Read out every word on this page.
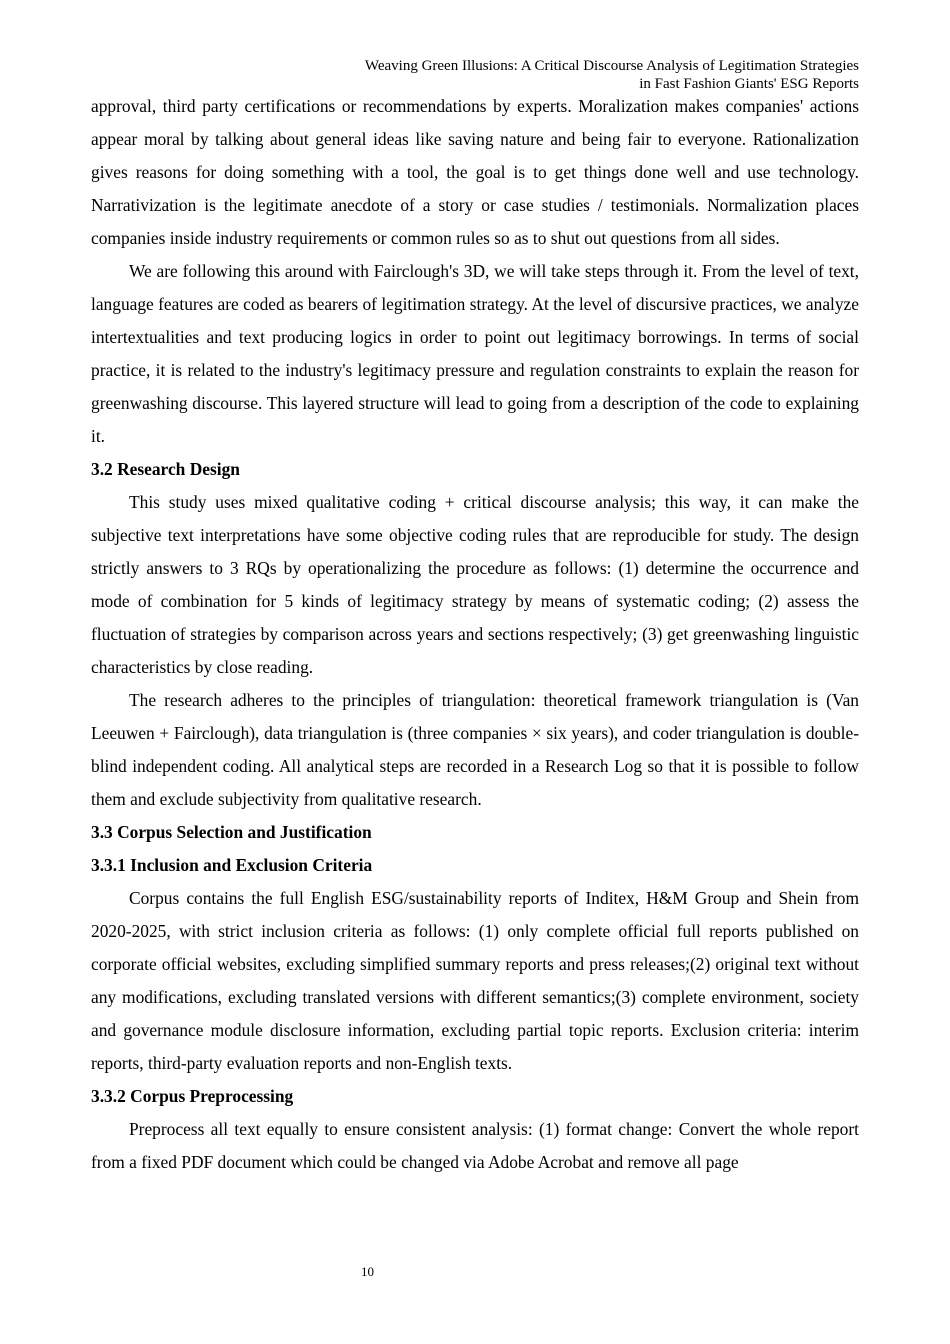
Weaving Green Illusions: A Critical Discourse Analysis of Legitimation Strategies
in Fast Fashion Giants' ESG Reports

approval, third party certifications or recommendations by experts. Moralization makes companies' actions appear moral by talking about general ideas like saving nature and being fair to everyone. Rationalization gives reasons for doing something with a tool, the goal is to get things done well and use technology. Narrativization is the legitimate anecdote of a story or case studies / testimonials. Normalization places companies inside industry requirements or common rules so as to shut out questions from all sides.

We are following this around with Fairclough's 3D, we will take steps through it. From the level of text, language features are coded as bearers of legitimation strategy. At the level of discursive practices, we analyze intertextualities and text producing logics in order to point out legitimacy borrowings. In terms of social practice, it is related to the industry's legitimacy pressure and regulation constraints to explain the reason for greenwashing discourse. This layered structure will lead to going from a description of the code to explaining it.

3.2 Research Design

This study uses mixed qualitative coding + critical discourse analysis; this way, it can make the subjective text interpretations have some objective coding rules that are reproducible for study. The design strictly answers to 3 RQs by operationalizing the procedure as follows: (1) determine the occurrence and mode of combination for 5 kinds of legitimacy strategy by means of systematic coding; (2) assess the fluctuation of strategies by comparison across years and sections respectively; (3) get greenwashing linguistic characteristics by close reading.

The research adheres to the principles of triangulation: theoretical framework triangulation is (Van Leeuwen + Fairclough), data triangulation is (three companies × six years), and coder triangulation is double-blind independent coding. All analytical steps are recorded in a Research Log so that it is possible to follow them and exclude subjectivity from qualitative research.

3.3 Corpus Selection and Justification
3.3.1 Inclusion and Exclusion Criteria

Corpus contains the full English ESG/sustainability reports of Inditex, H&M Group and Shein from 2020-2025, with strict inclusion criteria as follows: (1) only complete official full reports published on corporate official websites, excluding simplified summary reports and press releases;(2) original text without any modifications, excluding translated versions with different semantics;(3) complete environment, society and governance module disclosure information, excluding partial topic reports. Exclusion criteria: interim reports, third-party evaluation reports and non-English texts.

3.3.2 Corpus Preprocessing

Preprocess all text equally to ensure consistent analysis: (1) format change: Convert the whole report from a fixed PDF document which could be changed via Adobe Acrobat and remove all page

10
